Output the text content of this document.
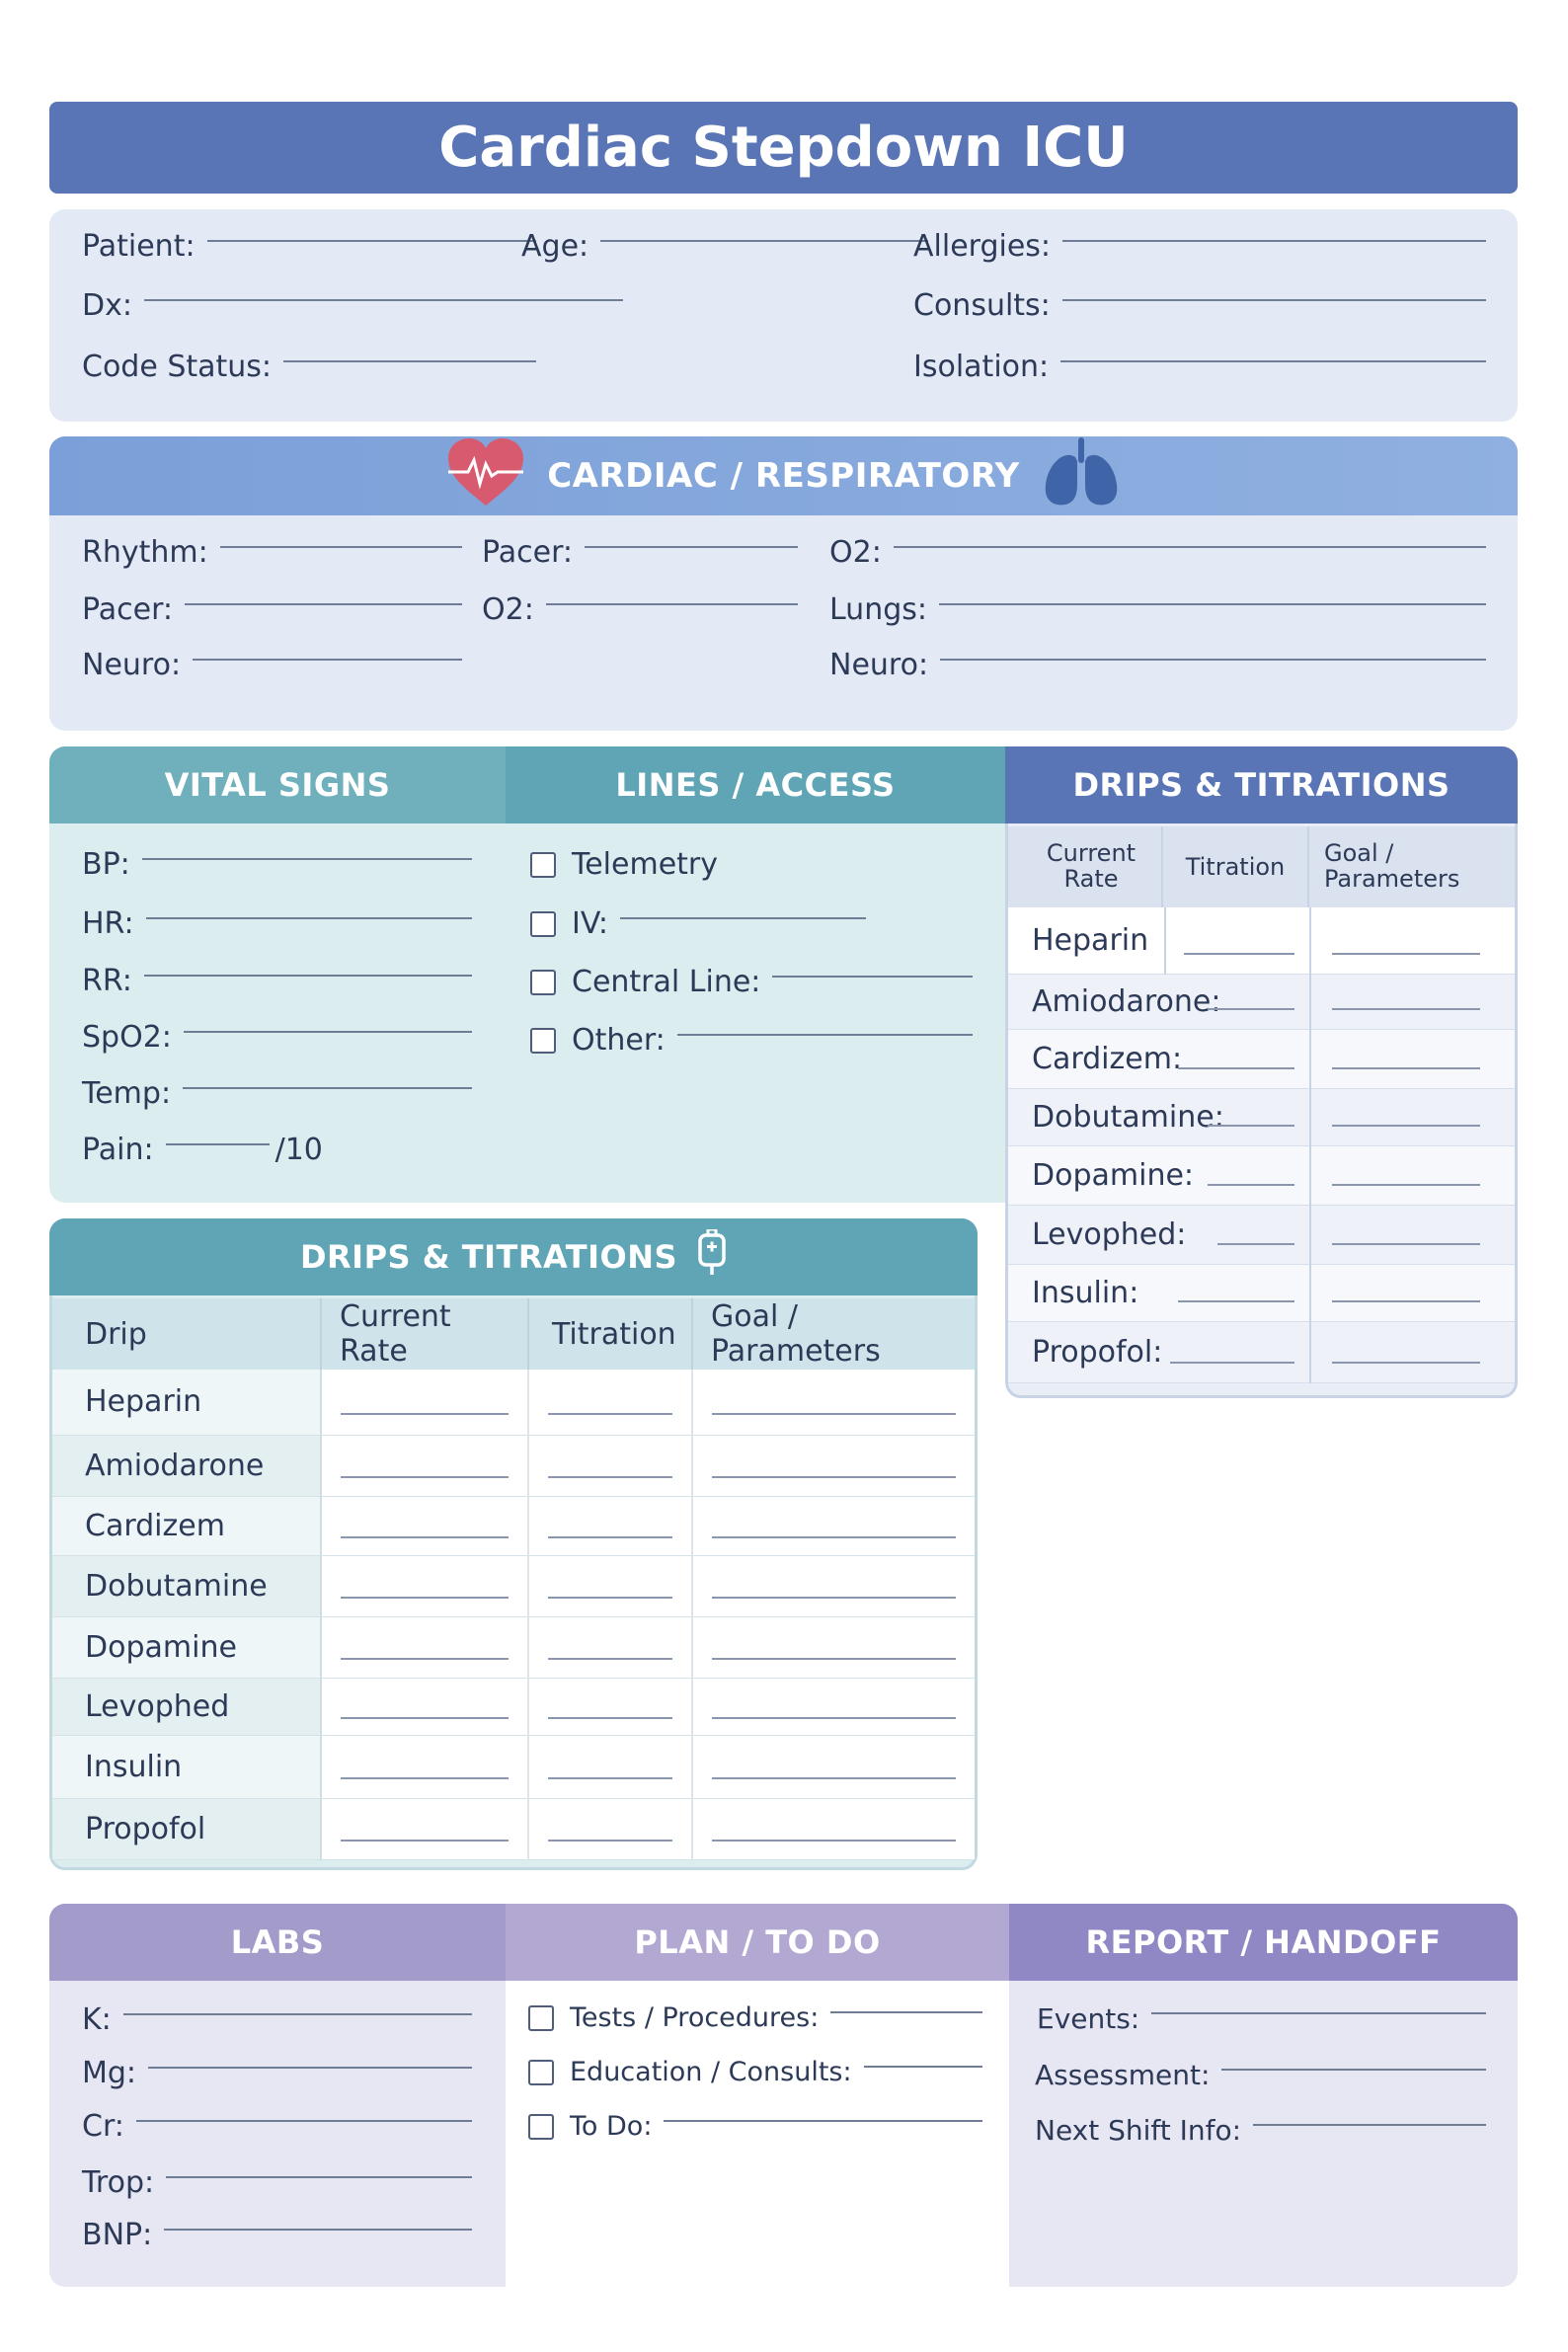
Cardiac Stepdown ICU
Patient:	Age:	Allergies:
Dx:	Consults:
Code Status:	Isolation:
CARDIAC / RESPIRATORY
Rhythm:	Pacer:	O2:
Pacer:	O2:	Lungs:
Neuro:	Neuro:
VITAL SIGNS	LINES / ACCESS
BP:
HR:
RR:
SpO2:
Temp:
Pain:	/10
Telemetry
IV:
Central Line:
Other:
DRIPS & TITRATIONS
Current Rate	Titration	Goal / Parameters
Heparin
Amiodarone:
Cardizem:
Dobutamine:
Dopamine:
Levophed:
Insulin:
Propofol:
DRIPS & TITRATIONS
Drip	Current Rate	Titration	Goal / Parameters
Heparin	

Amiodarone	

Cardizem	

Dobutamine	

Dopamine	

Levophed	

Insulin	

Propofol	

LABS	PLAN / TO DO	REPORT / HANDOFF
K:
Mg:
Cr:
Trop:
BNP:
Tests / Procedures:
Education / Consults:
To Do:
Events:
Assessment:
Next Shift Info:
